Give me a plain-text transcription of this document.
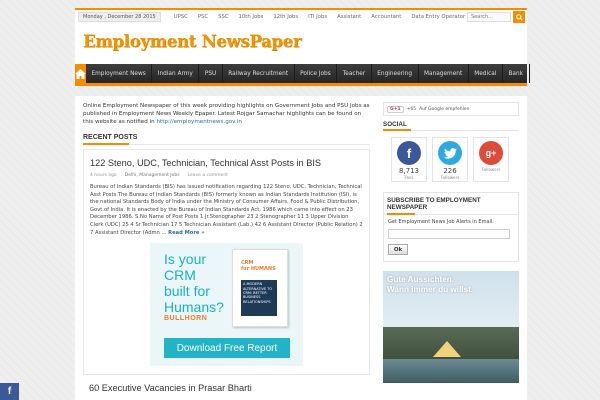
Monday , December 28 2015	UPSC	PSC	SSC	10th Jobs	12th Jobs	ITI Jobs	Assistant	Accountant	Data Entry Operator
Search...
Employment NewsPaper
Employment News	Indian Army	PSU	Railway Recruitment	Police Jobs	Teacher	Engineering	Management	Medical	Bank

Online Employment Newspaper of this week providing highlights on Government Jobs and PSU Jobs as published in Employment News Weekly Epaper. Latest Rojgar Samachar highlights can be found on this website as notified in http://employmentnews.gov.in

RECENT POSTS
122 Steno, UDC, Technician, Technical Asst Posts in BIS
4 hours ago Delhi, Management Jobs Leave a comment

Bureau of Indian Standards (BIS) has issued notification regarding 122 Steno, UDC, Technician, Technical Asst Posts.The Bureau of Indian Standards (BIS) formerly known as Indian Standards Institution (ISI), is the national Standards Body of India under the Ministry of Consumer Affairs, Food & Public Distribution, Govt.of India. It is enacted by the Bureau of Indian Standards Act, 1986 which came into effect on 23 December 1986. S.No Name of Post Posts 1 Jr.Stenographer 23 2 Stenographer 11 3 Upper Division Clerk (UDC) 25 4 Sr.Technician 17 5 Technician Assistant (Lab.) 42 6 Assistant Director (Public Relation) 2 7 Assistant Director (Admn ... Read More »

Is your
CRM
built for
Humans?
BULLHORN
CRM
for HUMANS
A MODERN ALTERNATIVE TO CRM: BETTER BUSINESS RELATIONSHIPS
Download Free Report
60 Executive Vacancies in Prasar Bharti
G+1	+65 Auf Google empfehlen
SOCIAL
f
8,713
Fans
226
Followers
g+
Followers
SUBSCRIBE TO EMPLOYMENT NEWSPAPER
Get Employment News Job Alerts in Email.
Ok
Gute Aussichten.
Wann immer du willst.
f
